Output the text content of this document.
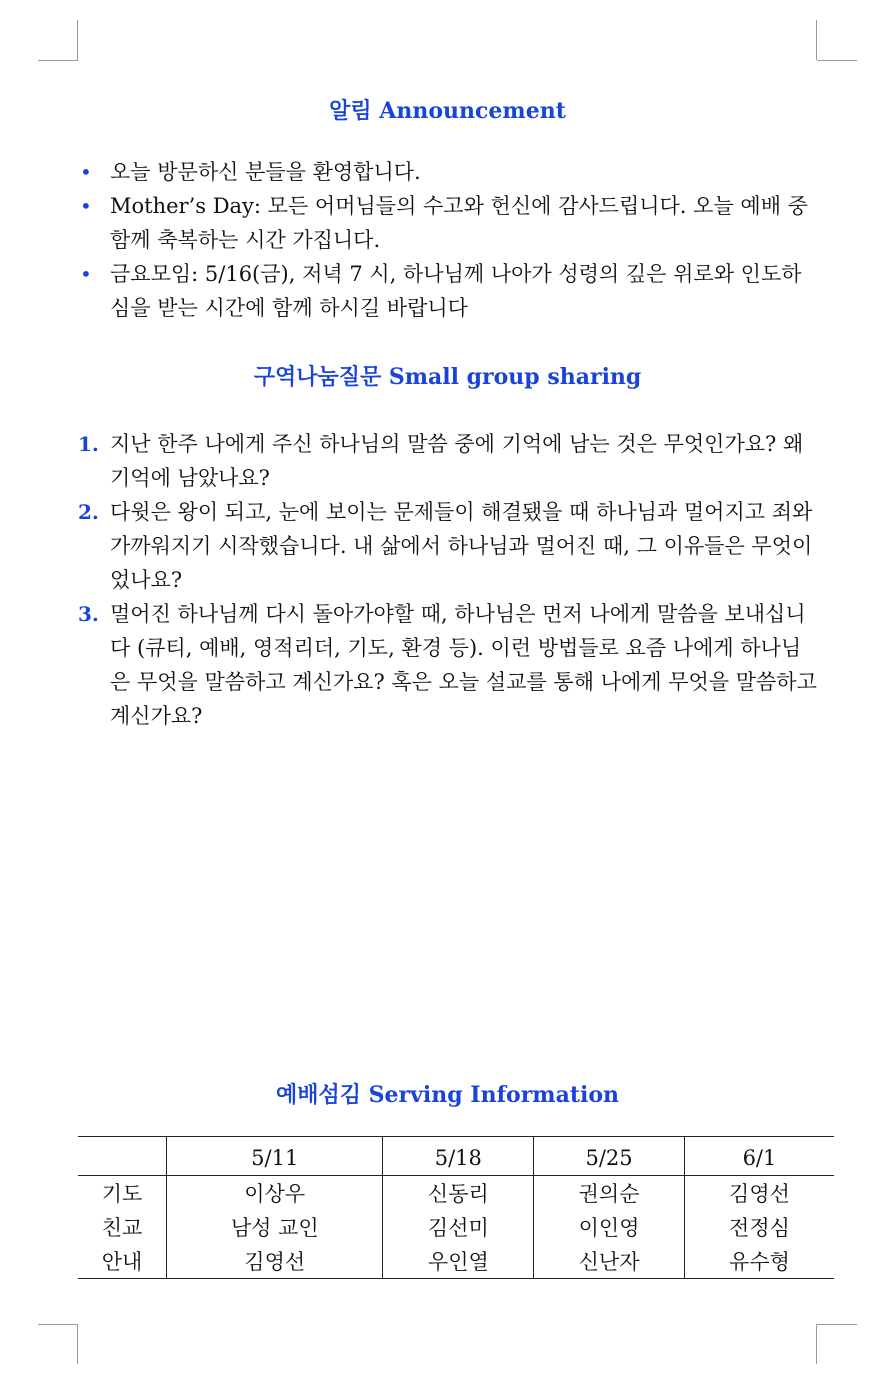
알림 Announcement
• 오늘 방문하신 분들을 환영합니다.
• Mother’s Day: 모든 어머님들의 수고와 헌신에 감사드립니다. 오늘 예배 중 함께 축복하는 시간 가집니다.
• 금요모임: 5/16(금), 저녁 7 시, 하나님께 나아가 성령의 깊은 위로와 인도하심을 받는 시간에 함께 하시길 바랍니다
구역나눔질문 Small group sharing
1. 지난 한주 나에게 주신 하나님의 말씀 중에 기억에 남는 것은 무엇인가요? 왜 기억에 남았나요?
2. 다윗은 왕이 되고, 눈에 보이는 문제들이 해결됐을 때 하나님과 멀어지고 죄와 가까워지기 시작했습니다. 내 삶에서 하나님과 멀어진 때, 그 이유들은 무엇이었나요?
3. 멀어진 하나님께 다시 돌아가야할 때, 하나님은 먼저 나에게 말씀을 보내십니다 (큐티, 예배, 영적리더, 기도, 환경 등). 이런 방법들로 요즘 나에게 하나님은 무엇을 말씀하고 계신가요? 혹은 오늘 설교를 통해 나에게 무엇을 말씀하고 계신가요?
예배섬김 Serving Information
	5/11	5/18	5/25	6/1
기도	이상우	신동리	권의순	김영선
친교	남성 교인	김선미	이인영	전정심
안내	김영선	우인열	신난자	유수형
